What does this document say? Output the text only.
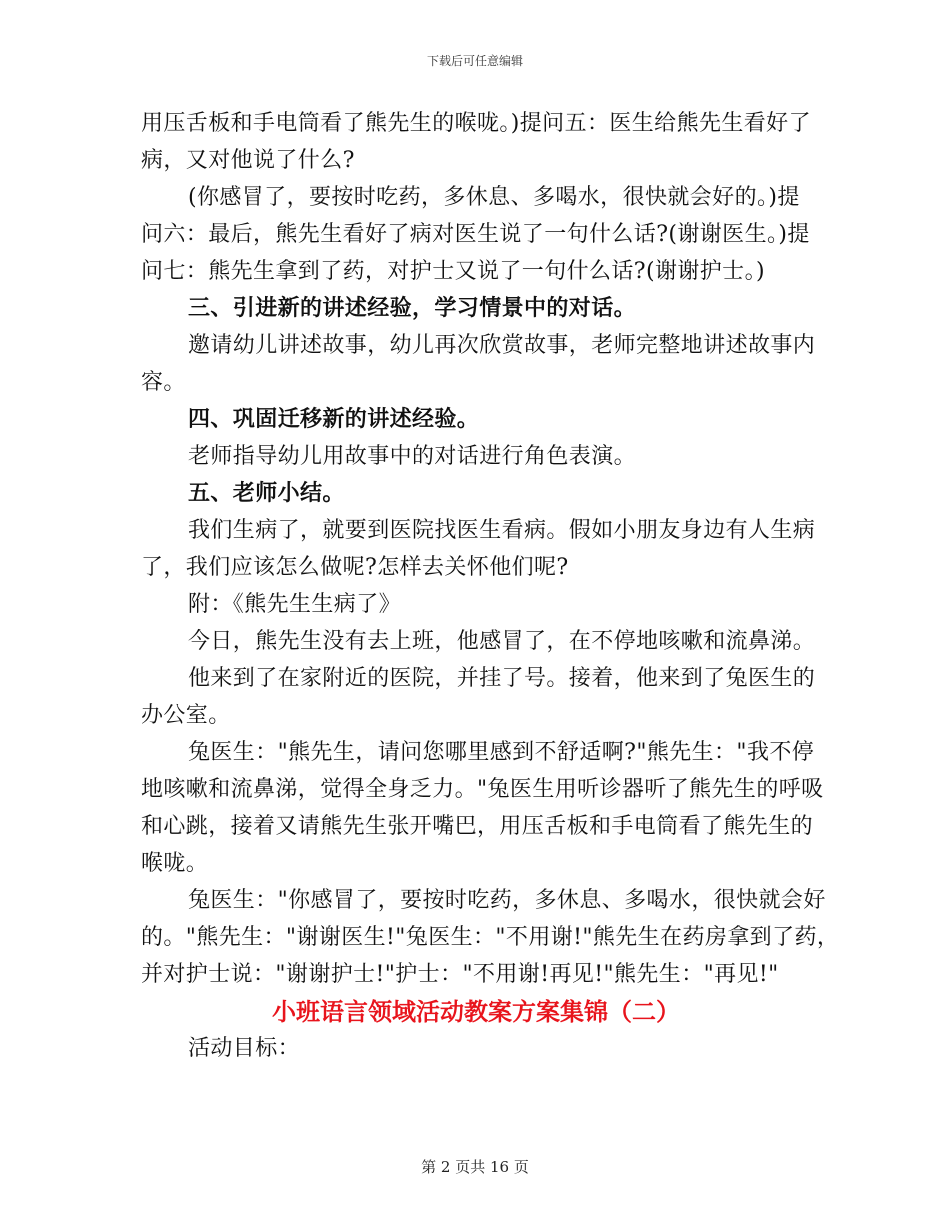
下载后可任意编辑
用压舌板和手电筒看了熊先生的喉咙。)提问五：医生给熊先生看好了
病，又对他说了什么?
(你感冒了，要按时吃药，多休息、多喝水，很快就会好的。)提
问六：最后，熊先生看好了病对医生说了一句什么话?(谢谢医生。)提
问七：熊先生拿到了药，对护士又说了一句什么话?(谢谢护士。)
三、引进新的讲述经验，学习情景中的对话。
邀请幼儿讲述故事，幼儿再次欣赏故事，老师完整地讲述故事内
容。
四、巩固迁移新的讲述经验。
老师指导幼儿用故事中的对话进行角色表演。
五、老师小结。
我们生病了，就要到医院找医生看病。假如小朋友身边有人生病
了，我们应该怎么做呢?怎样去关怀他们呢?
附：《熊先生生病了》
今日，熊先生没有去上班，他感冒了，在不停地咳嗽和流鼻涕。
他来到了在家附近的医院，并挂了号。接着，他来到了兔医生的
办公室。
兔医生："熊先生，请问您哪里感到不舒适啊?"熊先生："我不停
地咳嗽和流鼻涕，觉得全身乏力。"兔医生用听诊器听了熊先生的呼吸
和心跳，接着又请熊先生张开嘴巴，用压舌板和手电筒看了熊先生的
喉咙。
兔医生："你感冒了，要按时吃药，多休息、多喝水，很快就会好
的。"熊先生："谢谢医生!"兔医生："不用谢!"熊先生在药房拿到了药，
并对护士说："谢谢护士!"护士："不用谢!再见!"熊先生："再见!"
小班语言领域活动教案方案集锦（二）
活动目标：
第 2 页共 16 页
